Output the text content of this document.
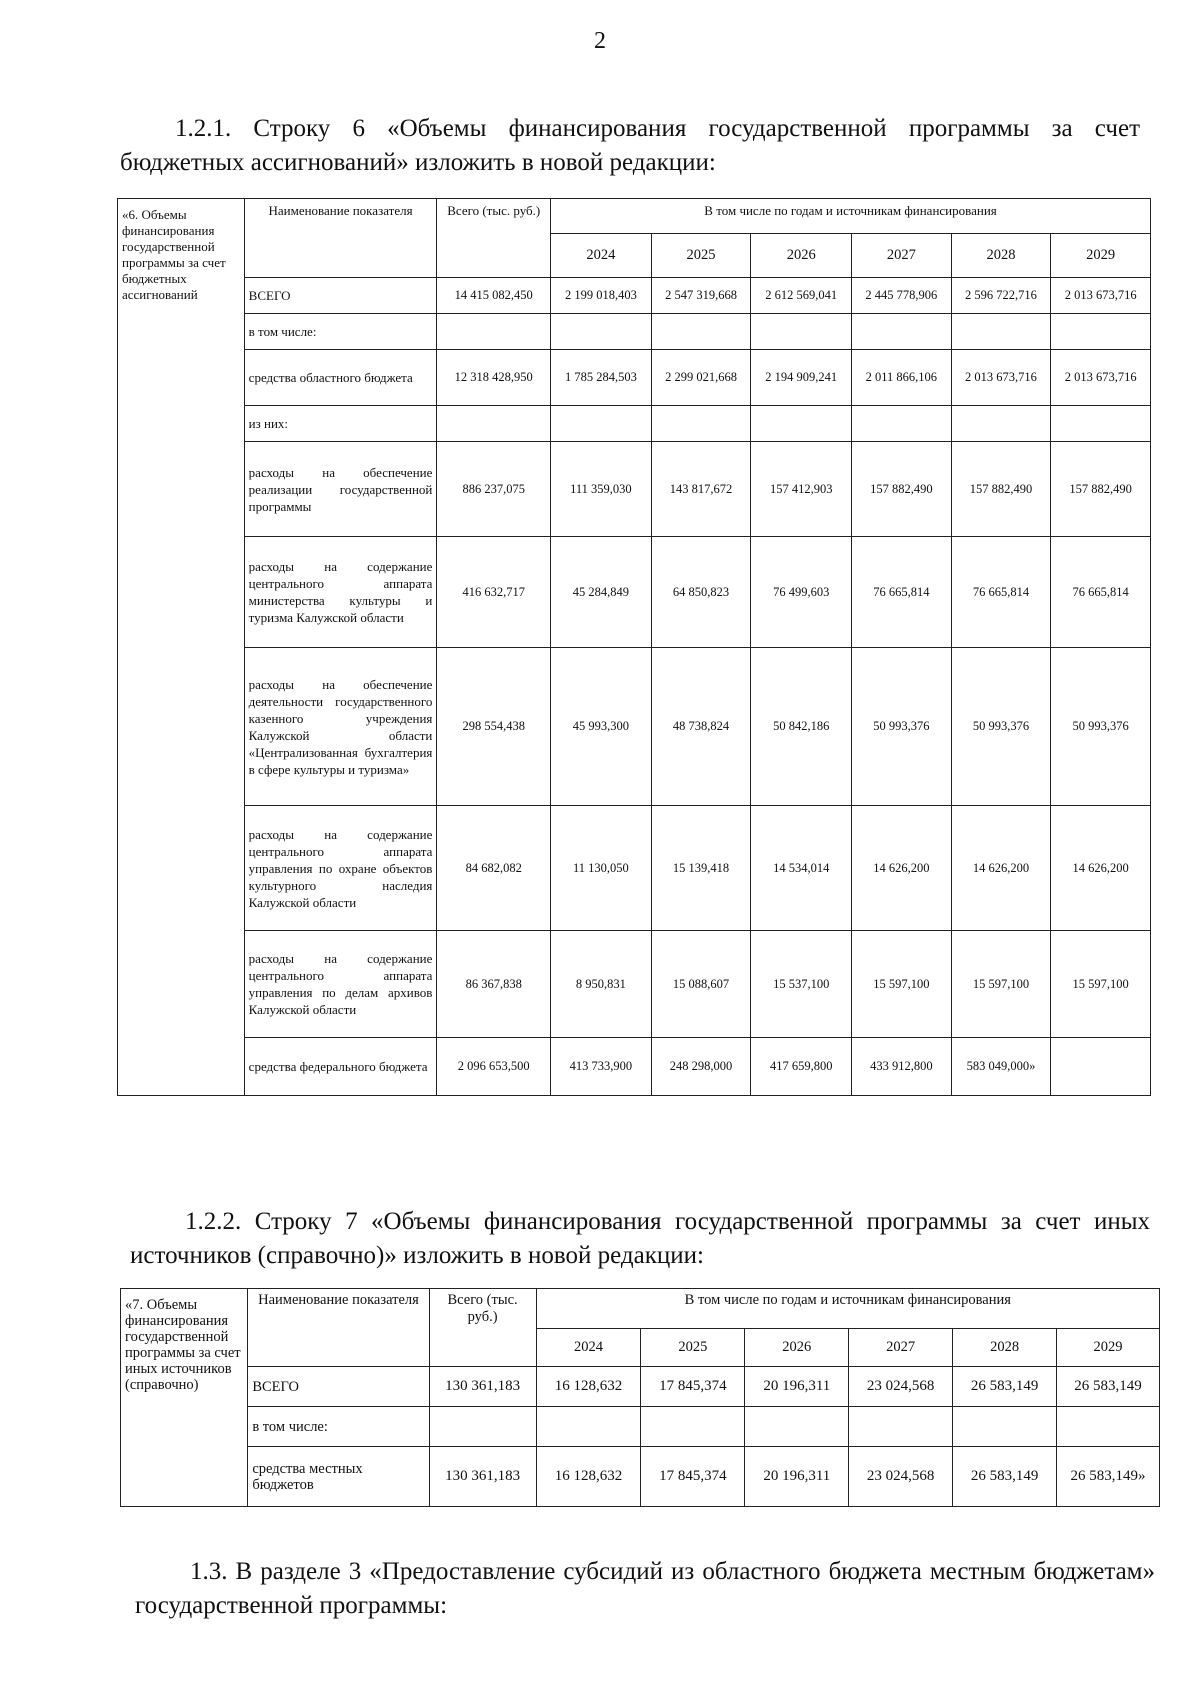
2

1.2.1. Строку 6 «Объемы финансирования государственной программы за счет бюджетных ассигнований» изложить в новой редакции:

«6. Объемы финансирования государственной программы за счет бюджетных ассигнований	Наименование показателя	Всего (тыс. руб.)	В том числе по годам и источникам финансирования					
			2024	2025	2026	2027	2028	2029
	ВСЕГО	14 415 082,450	2 199 018,403	2 547 319,668	2 612 569,041	2 445 778,906	2 596 722,716	2 013 673,716
	в том числе:							
	средства областного бюджета	12 318 428,950	1 785 284,503	2 299 021,668	2 194 909,241	2 011 866,106	2 013 673,716	2 013 673,716
	из них:							
	расходы на обеспечение реализации государственной программы	886 237,075	111 359,030	143 817,672	157 412,903	157 882,490	157 882,490	157 882,490
	расходы на содержание центрального аппарата министерства культуры и туризма Калужской области	416 632,717	45 284,849	64 850,823	76 499,603	76 665,814	76 665,814	76 665,814
	расходы на обеспечение деятельности государственного казенного учреждения Калужской области «Централизованная бухгалтерия в сфере культуры и туризма»	298 554,438	45 993,300	48 738,824	50 842,186	50 993,376	50 993,376	50 993,376
	расходы на содержание центрального аппарата управления по охране объектов культурного наследия Калужской области	84 682,082	11 130,050	15 139,418	14 534,014	14 626,200	14 626,200	14 626,200
	расходы на содержание центрального аппарата управления по делам архивов Калужской области	86 367,838	8 950,831	15 088,607	15 537,100	15 597,100	15 597,100	15 597,100
	средства федерального бюджета	2 096 653,500	413 733,900	248 298,000	417 659,800	433 912,800	583 049,000»	

1.2.2. Строку 7 «Объемы финансирования государственной программы за счет иных источников (справочно)» изложить в новой редакции:

«7. Объемы финансирования государственной программы за счет иных источников (справочно)	Наименование показателя	Всего (тыс. руб.)	В том числе по годам и источникам финансирования					
			2024	2025	2026	2027	2028	2029
	ВСЕГО	130 361,183	16 128,632	17 845,374	20 196,311	23 024,568	26 583,149	26 583,149
	в том числе:							
	средства местных бюджетов	130 361,183	16 128,632	17 845,374	20 196,311	23 024,568	26 583,149	26 583,149»

1.3. В разделе 3 «Предоставление субсидий из областного бюджета местным бюджетам» государственной программы:
